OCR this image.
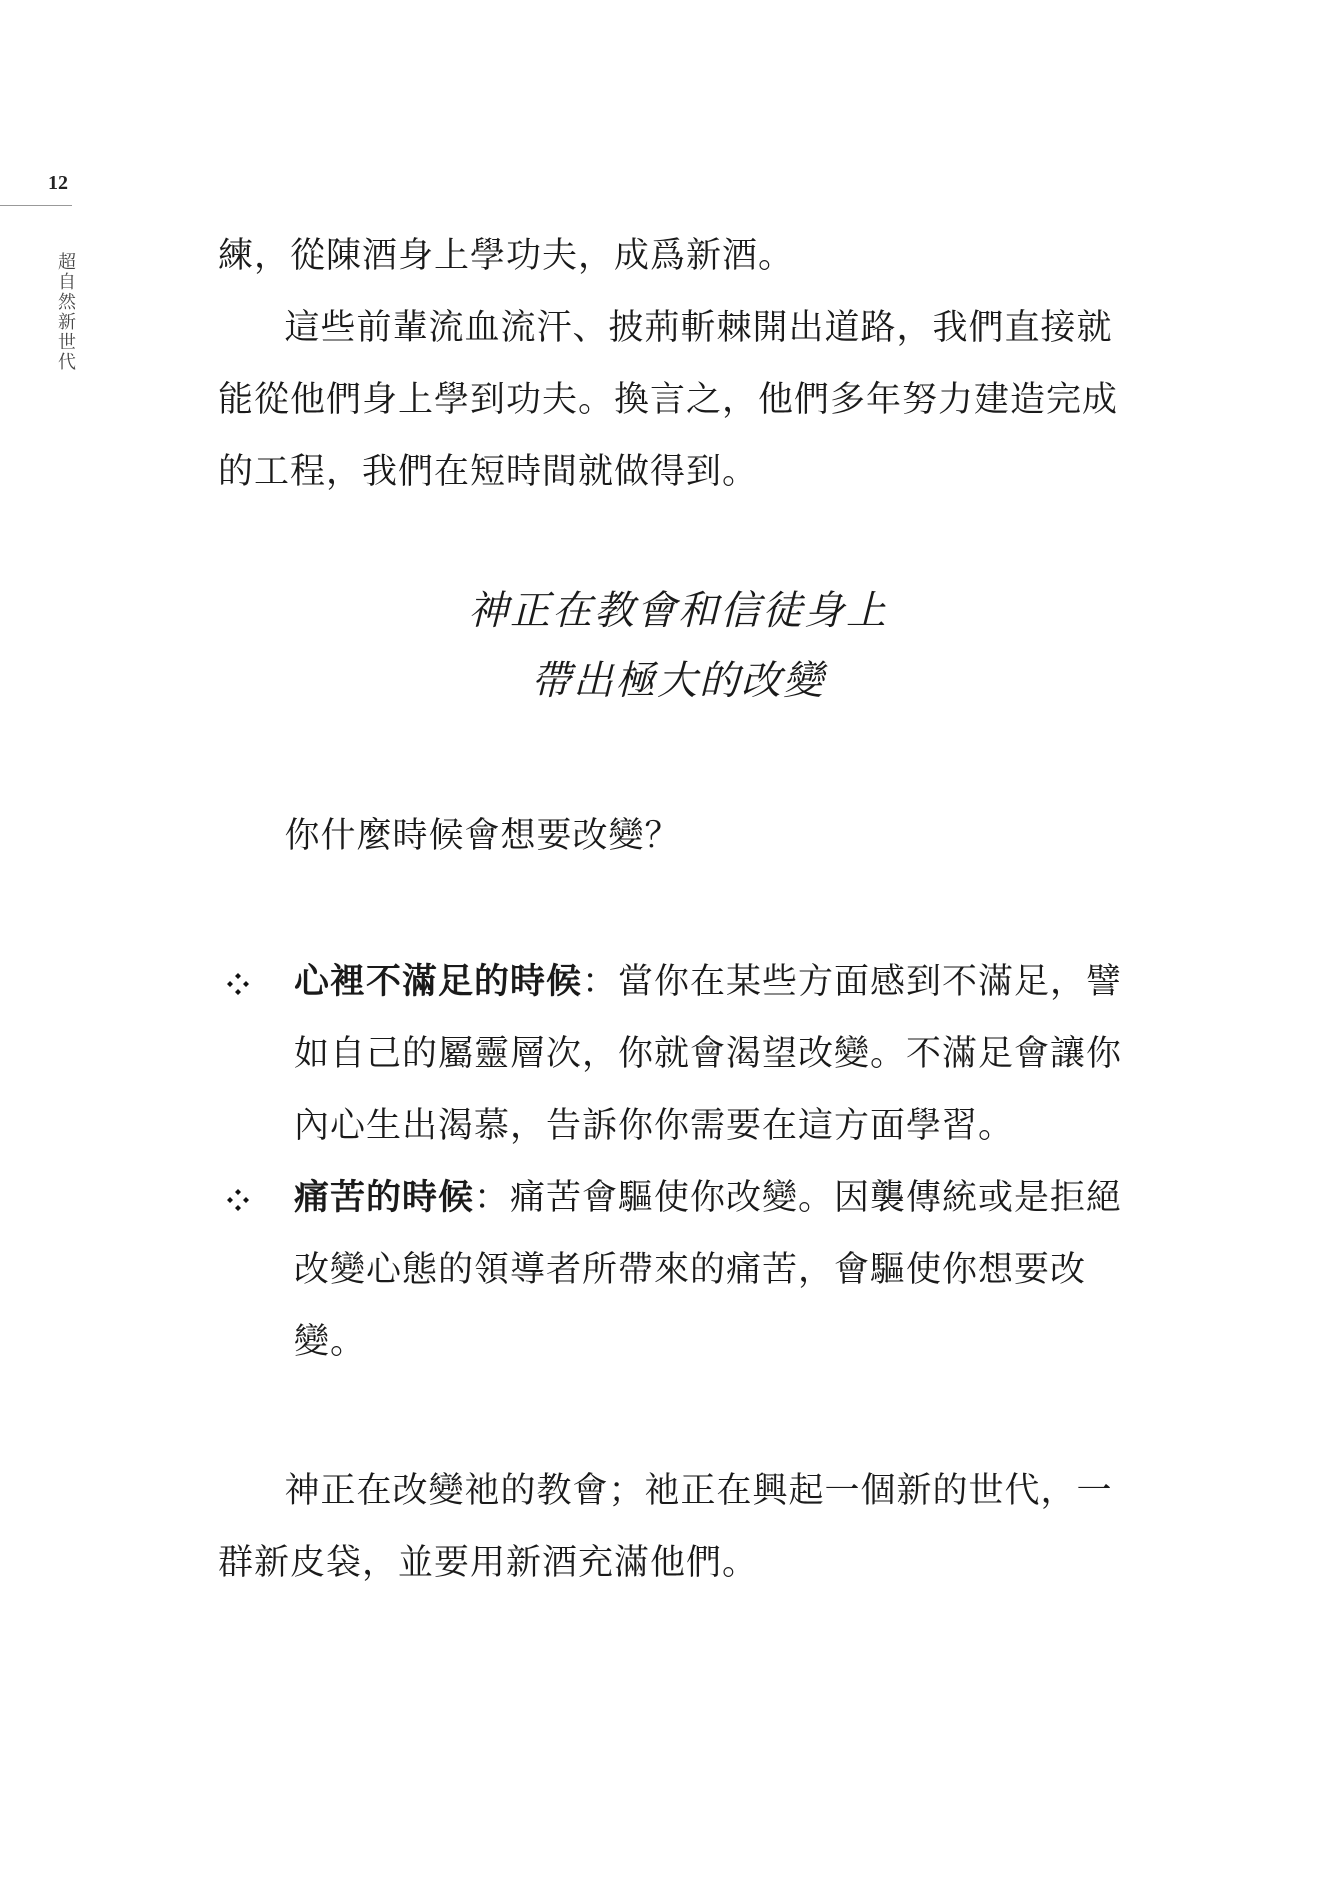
12
超自然新世代	練，從陳酒身上學功夫，成爲新酒。

這些前輩流血流汗、披荊斬棘開出道路，我們直接就能從他們身上學到功夫。換言之，他們多年努力建造完成的工程，我們在短時間就做得到。

神正在教會和信徒身上
帶出極大的改變

你什麼時候會想要改變？

心裡不滿足的時候：當你在某些方面感到不滿足，譬如自己的屬靈層次，你就會渴望改變。不滿足會讓你內心生出渴慕，告訴你你需要在這方面學習。
痛苦的時候：痛苦會驅使你改變。因襲傳統或是拒絕改變心態的領導者所帶來的痛苦，會驅使你想要改變。

神正在改變祂的教會；祂正在興起一個新的世代，一群新皮袋，並要用新酒充滿他們。
